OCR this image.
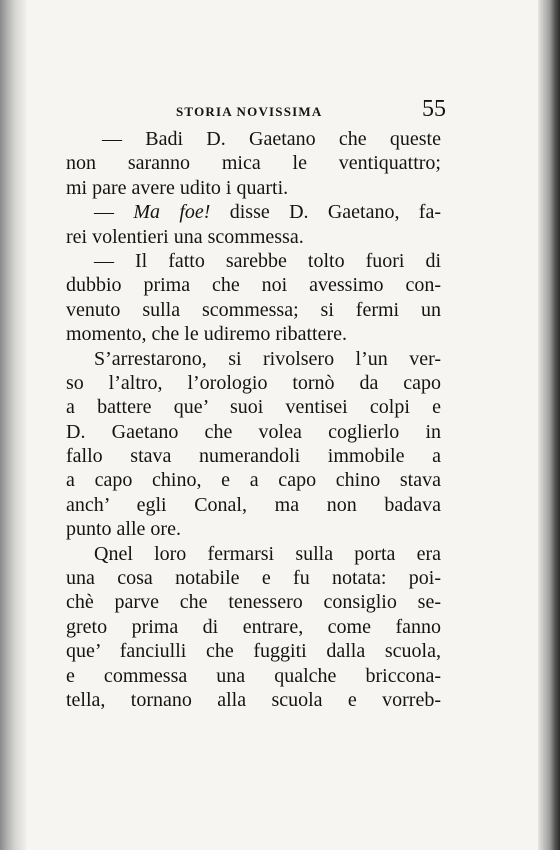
STORIA NOVISSIMA	55
— Badi D. Gaetano che queste
non saranno mica le ventiquattro;
mi pare avere udito i quarti.
— Ma foe! disse D. Gaetano, fa-
rei volentieri una scommessa.
— Il fatto sarebbe tolto fuori di
dubbio prima che noi avessimo con-
venuto sulla scommessa; si fermi un
momento, che le udiremo ribattere.
S’arrestarono, si rivolsero l’un ver-
so l’altro, l’orologio tornò da capo
a battere que’ suoi ventisei colpi e
D. Gaetano che volea coglierlo in
fallo stava numerandoli immobile a
a capo chino, e a capo chino stava
anch’ egli Conal, ma non badava
punto alle ore.
Qnel loro fermarsi sulla porta era
una cosa notabile e fu notata: poi-
chè parve che tenessero consiglio se-
greto prima di entrare, come fanno
que’ fanciulli che fuggiti dalla scuola,
e commessa una qualche bricconа-
tella, tornano alla scuola e vorreb-
